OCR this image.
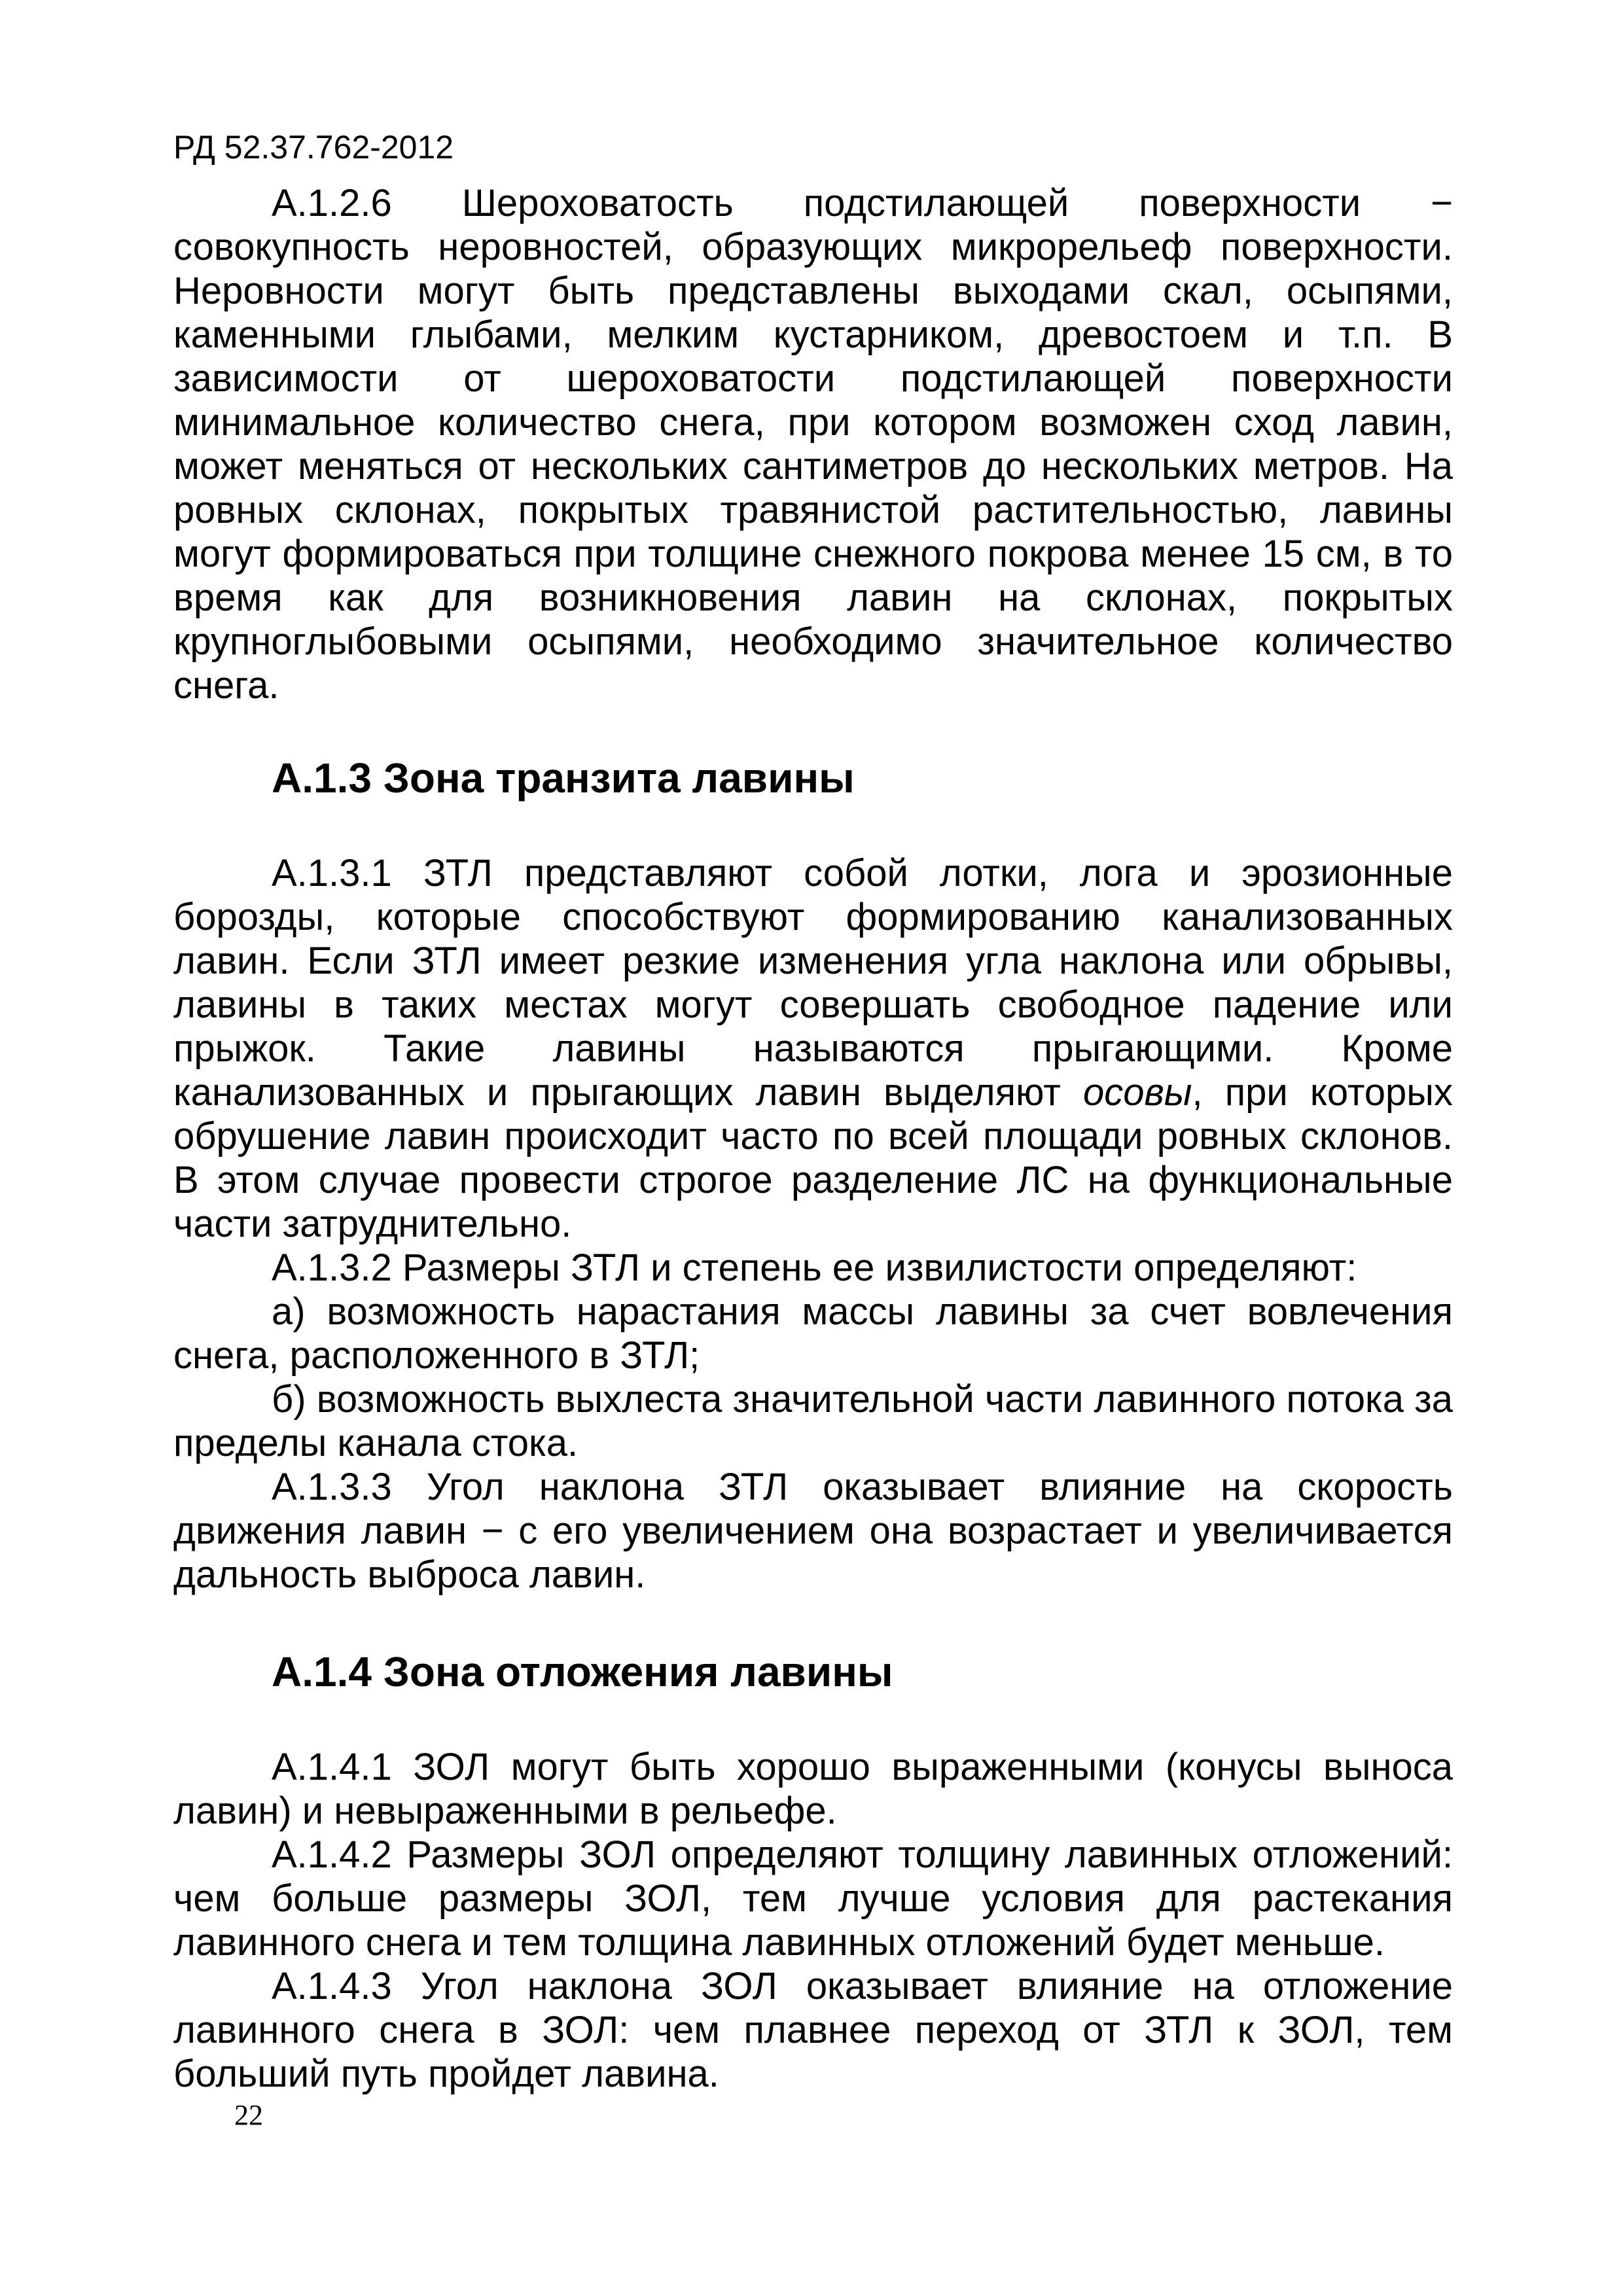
РД 52.37.762-2012

А.1.2.6 Шероховатость подстилающей поверхности − совокупность неровностей, образующих микрорельеф поверхности. Неровности могут быть представлены выходами скал, осыпями, каменными глыбами, мелким кустарником, древостоем и т.п. В зависимости от шероховатости подстилающей поверхности минимальное количество снега, при котором возможен сход лавин, может меняться от нескольких сантиметров до нескольких метров. На ровных склонах, покрытых травянистой растительностью, лавины могут формироваться при толщине снежного покрова менее 15 см, в то время как для возникновения лавин на склонах, покрытых крупноглыбовыми осыпями, необходимо значительное количество снега.

А.1.3 Зона транзита лавины

А.1.3.1 ЗТЛ представляют собой лотки, лога и эрозионные борозды, которые способствуют формированию канализованных лавин. Если ЗТЛ имеет резкие изменения угла наклона или обрывы, лавины в таких местах могут совершать свободное падение или прыжок. Такие лавины называются прыгающими. Кроме канализованных и прыгающих лавин выделяют осовы, при которых обрушение лавин происходит часто по всей площади ровных склонов. В этом случае провести строгое разделение ЛС на функциональные части затруднительно.

А.1.3.2 Размеры ЗТЛ и степень ее извилистости определяют:

а) возможность нарастания массы лавины за счет вовлечения снега, расположенного в ЗТЛ;

б) возможность выхлеста значительной части лавинного потока за пределы канала стока.

А.1.3.3 Угол наклона ЗТЛ оказывает влияние на скорость движения лавин − с его увеличением она возрастает и увеличивается дальность выброса лавин.

А.1.4 Зона отложения лавины

А.1.4.1 ЗОЛ могут быть хорошо выраженными (конусы выноса лавин) и невыраженными в рельефе.

А.1.4.2 Размеры ЗОЛ определяют толщину лавинных отложений: чем больше размеры ЗОЛ, тем лучше условия для растекания лавинного снега и тем толщина лавинных отложений будет меньше.

А.1.4.3 Угол наклона ЗОЛ оказывает влияние на отложение лавинного снега в ЗОЛ: чем плавнее переход от ЗТЛ к ЗОЛ, тем больший путь пройдет лавина.

22
